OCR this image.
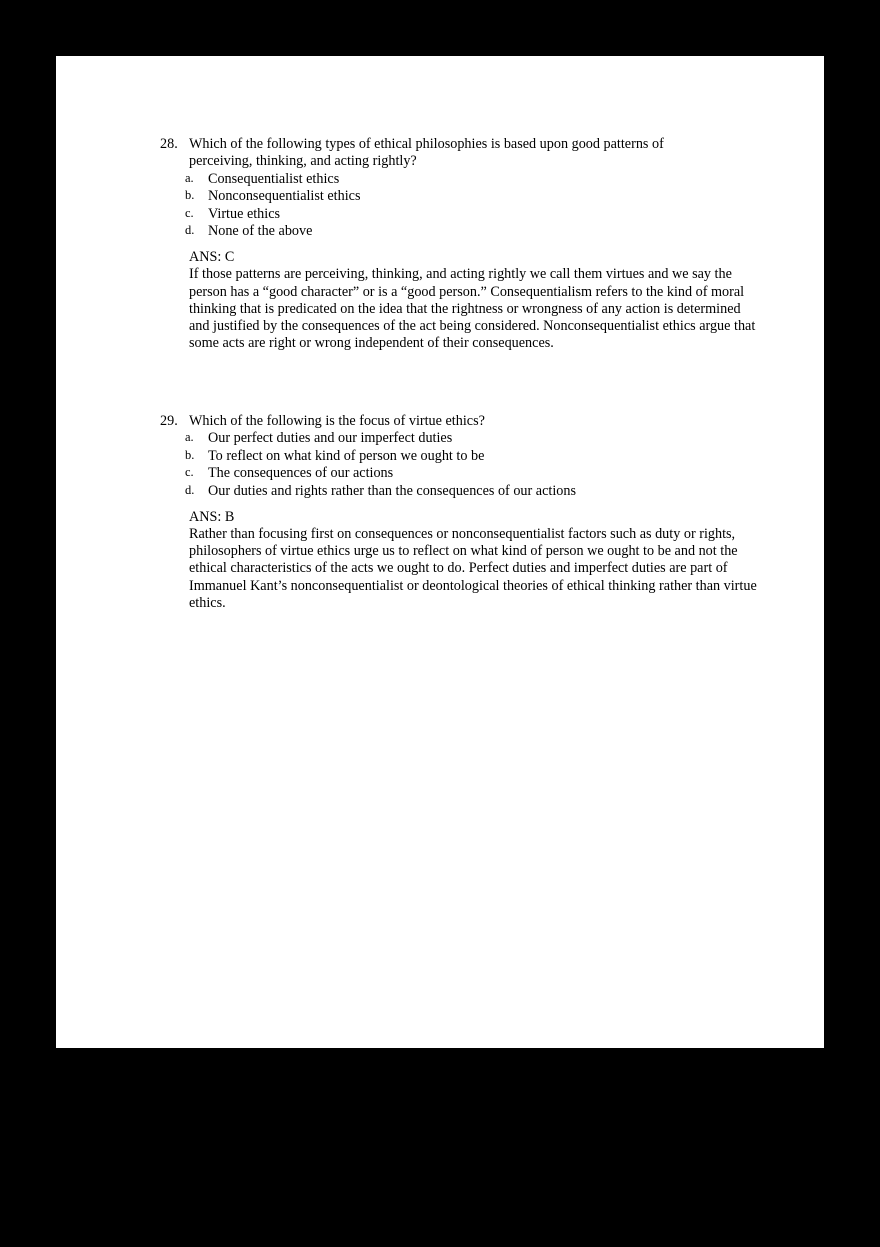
28. Which of the following types of ethical philosophies is based upon good patterns of perceiving, thinking, and acting rightly?
a. Consequentialist ethics
b. Nonconsequentialist ethics
c. Virtue ethics
d. None of the above
ANS: C
If those patterns are perceiving, thinking, and acting rightly we call them virtues and we say the person has a “good character” or is a “good person.” Consequentialism refers to the kind of moral thinking that is predicated on the idea that the rightness or wrongness of any action is determined and justified by the consequences of the act being considered. Nonconsequentialist ethics argue that some acts are right or wrong independent of their consequences.
29. Which of the following is the focus of virtue ethics?
a. Our perfect duties and our imperfect duties
b. To reflect on what kind of person we ought to be
c. The consequences of our actions
d. Our duties and rights rather than the consequences of our actions
ANS: B
Rather than focusing first on consequences or nonconsequentialist factors such as duty or rights, philosophers of virtue ethics urge us to reflect on what kind of person we ought to be and not the ethical characteristics of the acts we ought to do. Perfect duties and imperfect duties are part of Immanuel Kant’s nonconsequentialist or deontological theories of ethical thinking rather than virtue ethics.
